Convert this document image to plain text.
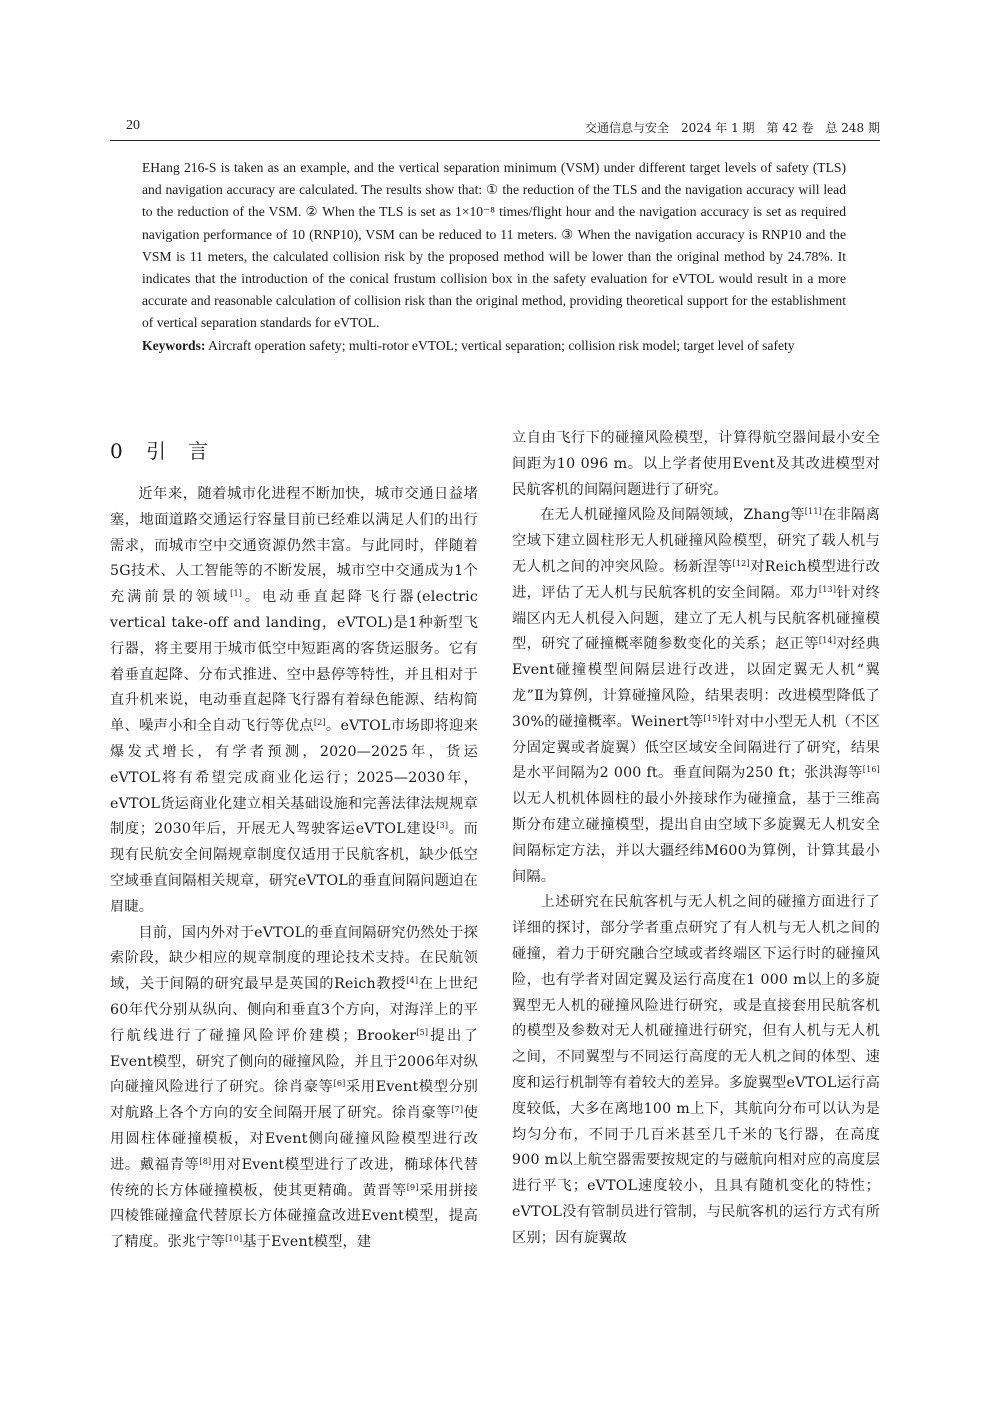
20	交通信息与安全　2024 年 1 期　第 42 卷　总 248 期

EHang 216-S is taken as an example, and the vertical separation minimum (VSM) under different target levels of safety (TLS) and navigation accuracy are calculated. The results show that: ① the reduction of the TLS and the navigation accuracy will lead to the reduction of the VSM. ② When the TLS is set as 1×10⁻⁸ times/flight hour and the navigation accuracy is set as required navigation performance of 10 (RNP10), VSM can be reduced to 11 meters. ③ When the navigation accuracy is RNP10 and the VSM is 11 meters, the calculated collision risk by the proposed method will be lower than the original method by 24.78%. It indicates that the introduction of the conical frustum collision box in the safety evaluation for eVTOL would result in a more accurate and reasonable calculation of collision risk than the original method, providing theoretical support for the establishment of vertical separation standards for eVTOL.

Keywords: Aircraft operation safety; multi-rotor eVTOL; vertical separation; collision risk model; target level of safety

0 引言

近年来，随着城市化进程不断加快，城市交通日益堵塞，地面道路交通运行容量目前已经难以满足人们的出行需求，而城市空中交通资源仍然丰富。与此同时，伴随着5G技术、人工智能等的不断发展，城市空中交通成为1个充满前景的领域[1]。电动垂直起降飞行器(electric vertical take-off and landing，eVTOL)是1种新型飞行器，将主要用于城市低空中短距离的客货运服务。它有着垂直起降、分布式推进、空中悬停等特性，并且相对于直升机来说，电动垂直起降飞行器有着绿色能源、结构简单、噪声小和全自动飞行等优点[2]。eVTOL市场即将迎来爆发式增长，有学者预测，2020—2025年，货运eVTOL将有希望完成商业化运行；2025—2030年，eVTOL货运商业化建立相关基础设施和完善法律法规规章制度；2030年后，开展无人驾驶客运eVTOL建设[3]。而现有民航安全间隔规章制度仅适用于民航客机，缺少低空空域垂直间隔相关规章，研究eVTOL的垂直间隔问题迫在眉睫。

目前，国内外对于eVTOL的垂直间隔研究仍然处于探索阶段，缺少相应的规章制度的理论技术支持。在民航领域，关于间隔的研究最早是英国的Reich教授[4]在上世纪60年代分别从纵向、侧向和垂直3个方向，对海洋上的平行航线进行了碰撞风险评价建模；Brooker[5]提出了Event模型，研究了侧向的碰撞风险，并且于2006年对纵向碰撞风险进行了研究。徐肖豪等[6]采用Event模型分别对航路上各个方向的安全间隔开展了研究。徐肖豪等[7]使用圆柱体碰撞模板，对Event侧向碰撞风险模型进行改进。戴福青等[8]用对Event模型进行了改进，椭球体代替传统的长方体碰撞模板，使其更精确。黄晋等[9]采用拼接四棱锥碰撞盒代替原长方体碰撞盒改进Event模型，提高了精度。张兆宁等[10]基于Event模型，建

立自由飞行下的碰撞风险模型，计算得航空器间最小安全间距为10 096 m。以上学者使用Event及其改进模型对民航客机的间隔问题进行了研究。

在无人机碰撞风险及间隔领域，Zhang等[11]在非隔离空域下建立圆柱形无人机碰撞风险模型，研究了载人机与无人机之间的冲突风险。杨新涅等[12]对Reich模型进行改进，评估了无人机与民航客机的安全间隔。邓力[13]针对终端区内无人机侵入问题，建立了无人机与民航客机碰撞模型，研究了碰撞概率随参数变化的关系；赵正等[14]对经典Event碰撞模型间隔层进行改进，以固定翼无人机“翼龙”Ⅱ为算例，计算碰撞风险，结果表明：改进模型降低了30%的碰撞概率。Weinert等[15]针对中小型无人机（不区分固定翼或者旋翼）低空区域安全间隔进行了研究，结果是水平间隔为2 000 ft。垂直间隔为250 ft；张洪海等[16]以无人机机体圆柱的最小外接球作为碰撞盒，基于三维高斯分布建立碰撞模型，提出自由空域下多旋翼无人机安全间隔标定方法，并以大疆经纬M600为算例，计算其最小间隔。

上述研究在民航客机与无人机之间的碰撞方面进行了详细的探讨，部分学者重点研究了有人机与无人机之间的碰撞，着力于研究融合空域或者终端区下运行时的碰撞风险，也有学者对固定翼及运行高度在1 000 m以上的多旋翼型无人机的碰撞风险进行研究，或是直接套用民航客机的模型及参数对无人机碰撞进行研究，但有人机与无人机之间，不同翼型与不同运行高度的无人机之间的体型、速度和运行机制等有着较大的差异。多旋翼型eVTOL运行高度较低，大多在离地100 m上下，其航向分布可以认为是均匀分布，不同于几百米甚至几千米的飞行器，在高度900 m以上航空器需要按规定的与磁航向相对应的高度层进行平飞；eVTOL速度较小，且具有随机变化的特性；eVTOL没有管制员进行管制，与民航客机的运行方式有所区别；因有旋翼故
